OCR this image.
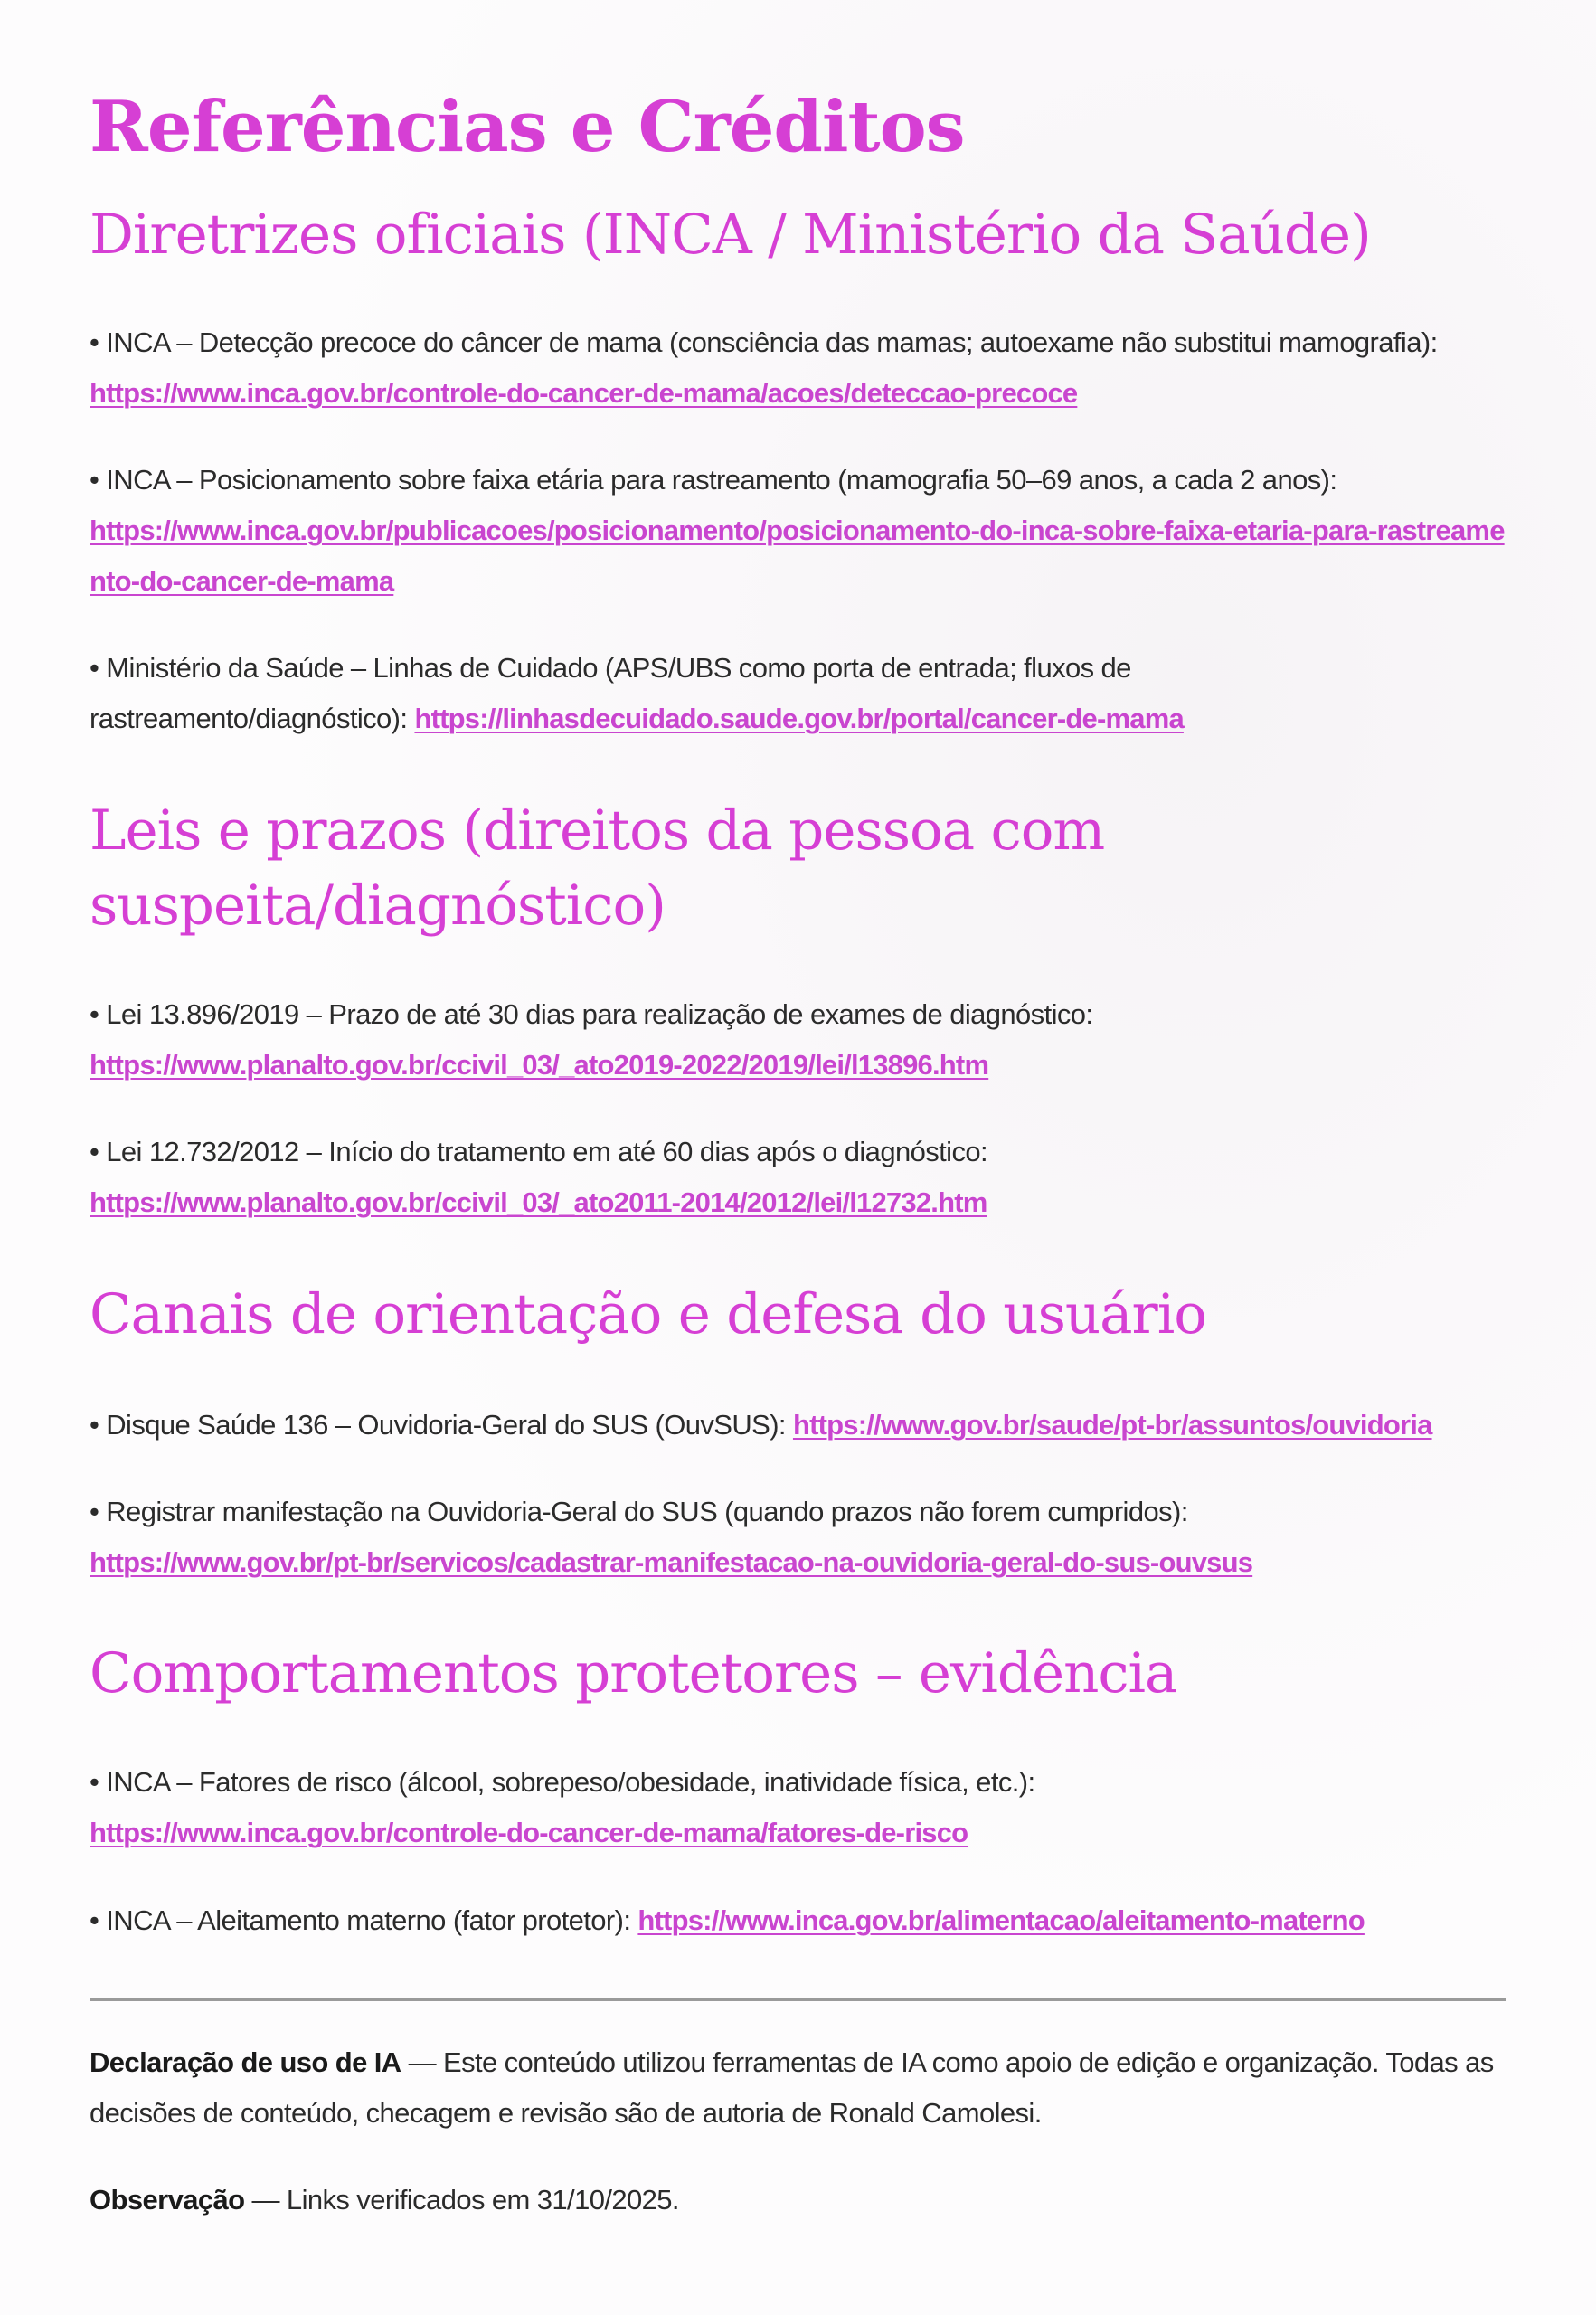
Referências e Créditos
Diretrizes oficiais (INCA / Ministério da Saúde)
• INCA – Detecção precoce do câncer de mama (consciência das mamas; autoexame não substitui mamografia):
https://www.inca.gov.br/controle-do-cancer-de-mama/acoes/deteccao-precoce
• INCA – Posicionamento sobre faixa etária para rastreamento (mamografia 50–69 anos, a cada 2 anos):
https://www.inca.gov.br/publicacoes/posicionamento/posicionamento-do-inca-sobre-faixa-etaria-para-rastreamento-do-cancer-de-mama
• Ministério da Saúde – Linhas de Cuidado (APS/UBS como porta de entrada; fluxos de rastreamento/diagnóstico): https://linhasdecuidado.saude.gov.br/portal/cancer-de-mama
Leis e prazos (direitos da pessoa com suspeita/diagnóstico)
• Lei 13.896/2019 – Prazo de até 30 dias para realização de exames de diagnóstico:
https://www.planalto.gov.br/ccivil_03/_ato2019-2022/2019/lei/l13896.htm
• Lei 12.732/2012 – Início do tratamento em até 60 dias após o diagnóstico:
https://www.planalto.gov.br/ccivil_03/_ato2011-2014/2012/lei/l12732.htm
Canais de orientação e defesa do usuário
• Disque Saúde 136 – Ouvidoria-Geral do SUS (OuvSUS): https://www.gov.br/saude/pt-br/assuntos/ouvidoria
• Registrar manifestação na Ouvidoria-Geral do SUS (quando prazos não forem cumpridos):
https://www.gov.br/pt-br/servicos/cadastrar-manifestacao-na-ouvidoria-geral-do-sus-ouvsus
Comportamentos protetores – evidência
• INCA – Fatores de risco (álcool, sobrepeso/obesidade, inatividade física, etc.):
https://www.inca.gov.br/controle-do-cancer-de-mama/fatores-de-risco
• INCA – Aleitamento materno (fator protetor): https://www.inca.gov.br/alimentacao/aleitamento-materno
Declaração de uso de IA — Este conteúdo utilizou ferramentas de IA como apoio de edição e organização. Todas as decisões de conteúdo, checagem e revisão são de autoria de Ronald Camolesi.
Observação — Links verificados em 31/10/2025.
